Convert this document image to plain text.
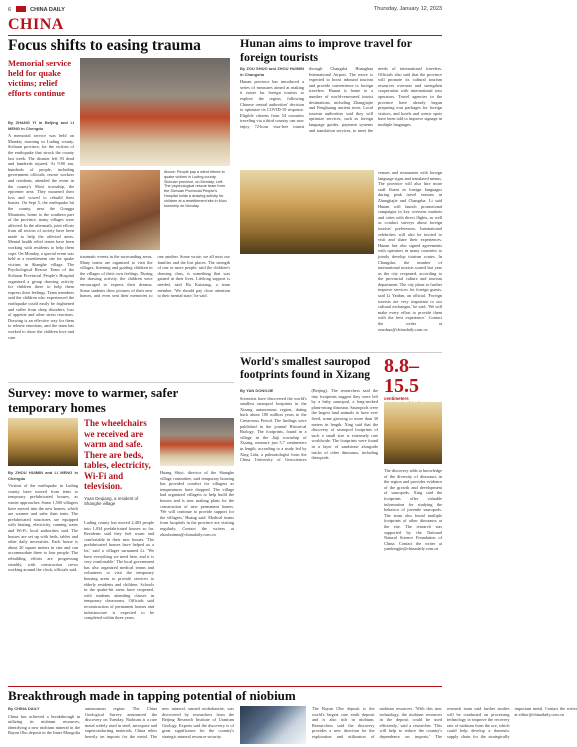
6	CHINA DAILY	Thursday, January 12, 2023
CHINA
Focus shifts to easing trauma
Memorial service held for quake victims; relief efforts continue
By ZHANG YI in Beijing and LI MENG in Chengdu
A memorial service was held on Monday morning in Luding county, Sichuan province, for the victims of the earthquake that struck the county last week. The disaster left 93 dead and hundreds injured. At 9:00 am, hundreds of people, including government officials, rescue workers and residents, attended the event in the county's Moxi township, the epicenter area. They mourned their loss and vowed to rebuild their homes. On Sept 5, the earthquake hit the county, near the Gongga Mountain, home to the southern part of the province, many villages were affected. In the aftermath, joint efforts from all sectors of society have been made to help the affected areas. Mental health relief teams have been working with residents to help them cope. On Monday, a special event was held at a resettlement site for quake victims in Shanghe village. The Psychological Rescue Team of the Sichuan Provincial People's Hospital organized a group drawing activity for children there to help them express their feelings. Team members said the children who experienced the earthquake could easily be frightened and suffer from sleep disorders, loss of appetite and other stress reactions. Drawing is an effective way for them to release emotions, and the team has worked to show the children love and care.
Above: People pay a silent tribute to quake victims in Luding county, Sichuan province, on Monday. Left: The psychological rescue team from the Sichuan Provincial People's Hospital holds a drawing activity for children at a resettlement site in Moxi township on Monday.
traumatic events in the surrounding areas. Many teams are organized to visit the villages, listening and guiding children in the villages of their own feelings. During the drawing activity, the children were encouraged to express their dreams. Some students drew pictures of their new homes, and even sent their memories to one another. Some wrote, we all miss our families and the lost places. The strength of one or more people, said the children's drawing class, is something that was gained in their lives. Lifelong support is needed, said Hu Kaixiang, a team member. 'We should pay close attention to their mental state,' he said.
Hunan aims to improve travel for foreign tourists
By ZOU SHUO and ZHOU HUIMIN in Changsha
Hunan province has introduced a series of measures aimed at making it easier for foreign tourists to explore the region, following Chinese central authorities' decision to optimize its COVID-19 response. Eligible citizens from 54 countries traveling via a third country can now enjoy 72-hour visa-free transit through Changsha Huanghua International Airport. The move is expected to boost inbound tourism and provide convenience to foreign travelers. Hunan is home to a number of world-renowned tourist destinations, including Zhangjiajie and Fenghuang ancient town. Local tourism authorities said they will optimize services, such as foreign language guides, payment systems and translation services, to meet the needs of international travelers. Officials also said that the province will promote its cultural tourism resources overseas and strengthen cooperation with international tour operators. Travel agencies in the province have already begun preparing tour packages for foreign visitors, and hotels and scenic spots have been told to improve signage in multiple languages.
venues and restaurants with foreign language signs and translated menus. The province will also hire more staff fluent in foreign languages during peak travel seasons in Zhangjiajie and Changsha. Li said Hunan will launch promotional campaigns in key overseas markets and cities with direct flights, as well as conduct surveys about foreign tourists' preferences. International celebrities will also be invited to visit and share their experiences. Hunan has also signed agreements with operators in many countries to jointly develop tourism routes. In Changsha, the number of international tourists soared last year as the city reopened, according to the provincial culture and tourism department. The city plans to further improve services for foreign guests, said Li Yanbin, an official. 'Foreign tourists are very important to our cultural exchanges,' he said. 'We will make every effort to provide them with the best experience.' Contact the writer at zoushuo@chinadaily.com.cn
Survey: move to warmer, safer temporary homes
By ZHOU HUIMIN and LI MENG in Chengdu
Victims of the earthquake in Luding county have moved from tents to temporary prefabricated houses, as winter approaches. Some 1,500 villagers have moved into the new homes, which are warmer and safer than tents. The prefabricated structures are equipped with heating, electricity, running water and Wi-Fi, local authorities said. The houses are set up with beds, tables and other daily necessities. Each house is about 20 square meters in size and can accommodate three to four people. The rebuilding efforts are progressing steadily, with construction crews working around the clock, officials said.
The wheelchairs we received are warm and safe. There are beds, tables, electricity, Wi-Fi and television.
Yuan Deqiang, a resident of Shanghe village
Luding county has moved 2,483 people into 1,034 prefabricated houses so far. Residents said they feel warm and comfortable in their new homes. 'The prefabricated houses have helped us a lot,' said a villager surnamed Li. 'We have everything we need here, and it is very comfortable.' The local government has also organized medical teams and volunteers to visit the temporary housing areas to provide services to elderly residents and children. Schools in the quake-hit areas have reopened, with students attending classes in temporary classrooms. Officials said reconstruction of permanent homes and infrastructure is expected to be completed within three years.
Huang Shiyi, director of the Shanghe village committee, said temporary housing has provided comfort for villagers as temperatures have dropped. The village had organized villagers to help build the houses and is now making plans for the construction of new permanent homes. 'We will continue to provide support for the villagers,' Huang said. Medical teams from hospitals in the province are visiting regularly. Contact the writers at zhouhuimin@chinadaily.com.cn
World's smallest sauropod footprints found in Xizang 8.8–15.5
centimeters
By YAN DONGJIE
Scientists have discovered the world's smallest sauropod footprints in the Xizang autonomous region, dating back about 100 million years to the Cretaceous Period. The findings were published in the journal Historical Biology. The footprints, found in a village in the Jiaji township of Xizang, measure just 5.7 centimeters in length, according to a study led by Xing Lida, a paleontologist from the China University of Geosciences (Beijing). The researchers said the tiny footprints suggest they were left by a baby sauropod, a long-necked plant-eating dinosaur. Sauropods were the largest land animals to have ever lived, some growing to more than 30 meters in length. Xing said that the discovery of sauropod footprints of such a small size is extremely rare worldwide. The footprints were found in a layer of sandstone alongside tracks of other dinosaurs, including theropods.
The discovery adds to knowledge of the diversity of dinosaurs in the region and provides evidence of the growth and development of sauropods. Xing said the footprints offer valuable information for studying the behavior of juvenile sauropods. The team also found multiple footprints of other dinosaurs at the site. The research was supported by the National Natural Science Foundation of China. Contact the writer at yandongjie@chinadaily.com.cn
Breakthrough made in tapping potential of niobium
By CHINA DAILY
China has achieved a breakthrough in utilizing its niobium resources, identifying a new niobium mineral in the Bayan Obo deposit in the Inner Mongolia autonomous region. The China Geological Survey announced the discovery on Tuesday. Niobium is a rare metal widely used in steel, aerospace and superconducting materials. China relies heavily on imports for the metal. The new mineral, named niobobaotite, was discovered by researchers from the Beijing Research Institute of Uranium Geology. Experts said the discovery is of great significance for the country's strategic mineral resource security.
The Bayan Obo deposit is the world's largest rare earth deposit and is also rich in niobium. Researchers said the discovery provides a new direction for the exploration and utilization of niobium resources. 'With this new technology, the niobium resources in the deposit could be used efficiently,' said a researcher. 'This will help to reduce the country's dependence on imports.' The research team said further studies will be conducted on processing technology to improve the recovery rate of niobium from the ore, which could help develop a domestic supply chain for the strategically important metal. Contact the writer at editor@chinadaily.com.cn
